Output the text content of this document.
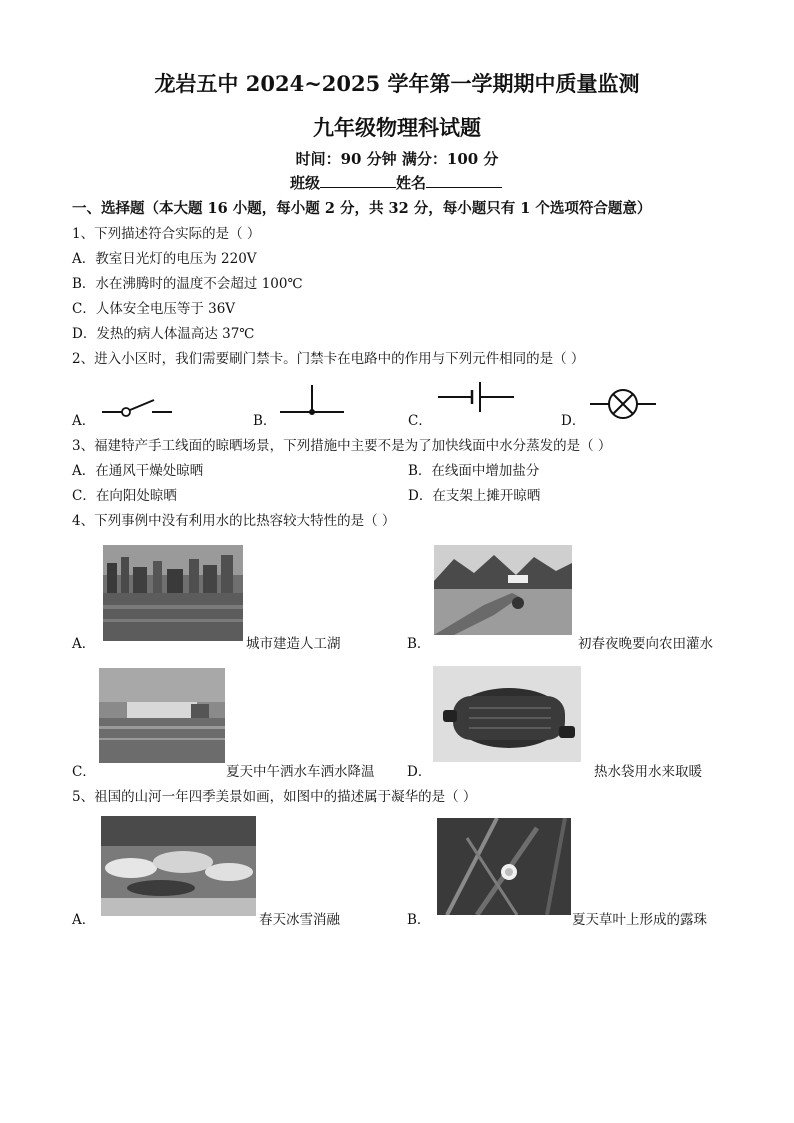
龙岩五中 2024~2025 学年第一学期期中质量监测
九年级物理科试题
时间：90 分钟 满分：100 分
班级	姓名
一、选择题（本大题 16 小题，每小题 2 分，共 32 分，每小题只有 1 个选项符合题意）
1、下列描述符合实际的是（ ）
A．教室日光灯的电压为 220V
B．水在沸腾时的温度不会超过 100℃
C．人体安全电压等于 36V
D．发热的病人体温高达 37℃
2、进入小区时，我们需要刷门禁卡。门禁卡在电路中的作用与下列元件相同的是（ ）
A．	B．	C．	D．
3、福建特产手工线面的晾晒场景，下列措施中主要不是为了加快线面中水分蒸发的是（ ）
A．在通风干燥处晾晒	B．在线面中增加盐分
C．在向阳处晾晒	D．在支架上摊开晾晒
4、下列事例中没有利用水的比热容较大特性的是（ ）
A．	城市建造人工湖	B．	初春夜晚要向农田灌水
C．	夏天中午洒水车洒水降温 D．	热水袋用水来取暖
5、祖国的山河一年四季美景如画，如图中的描述属于凝华的是（ ）
A．	春天冰雪消融	B．	夏天草叶上形成的露珠
